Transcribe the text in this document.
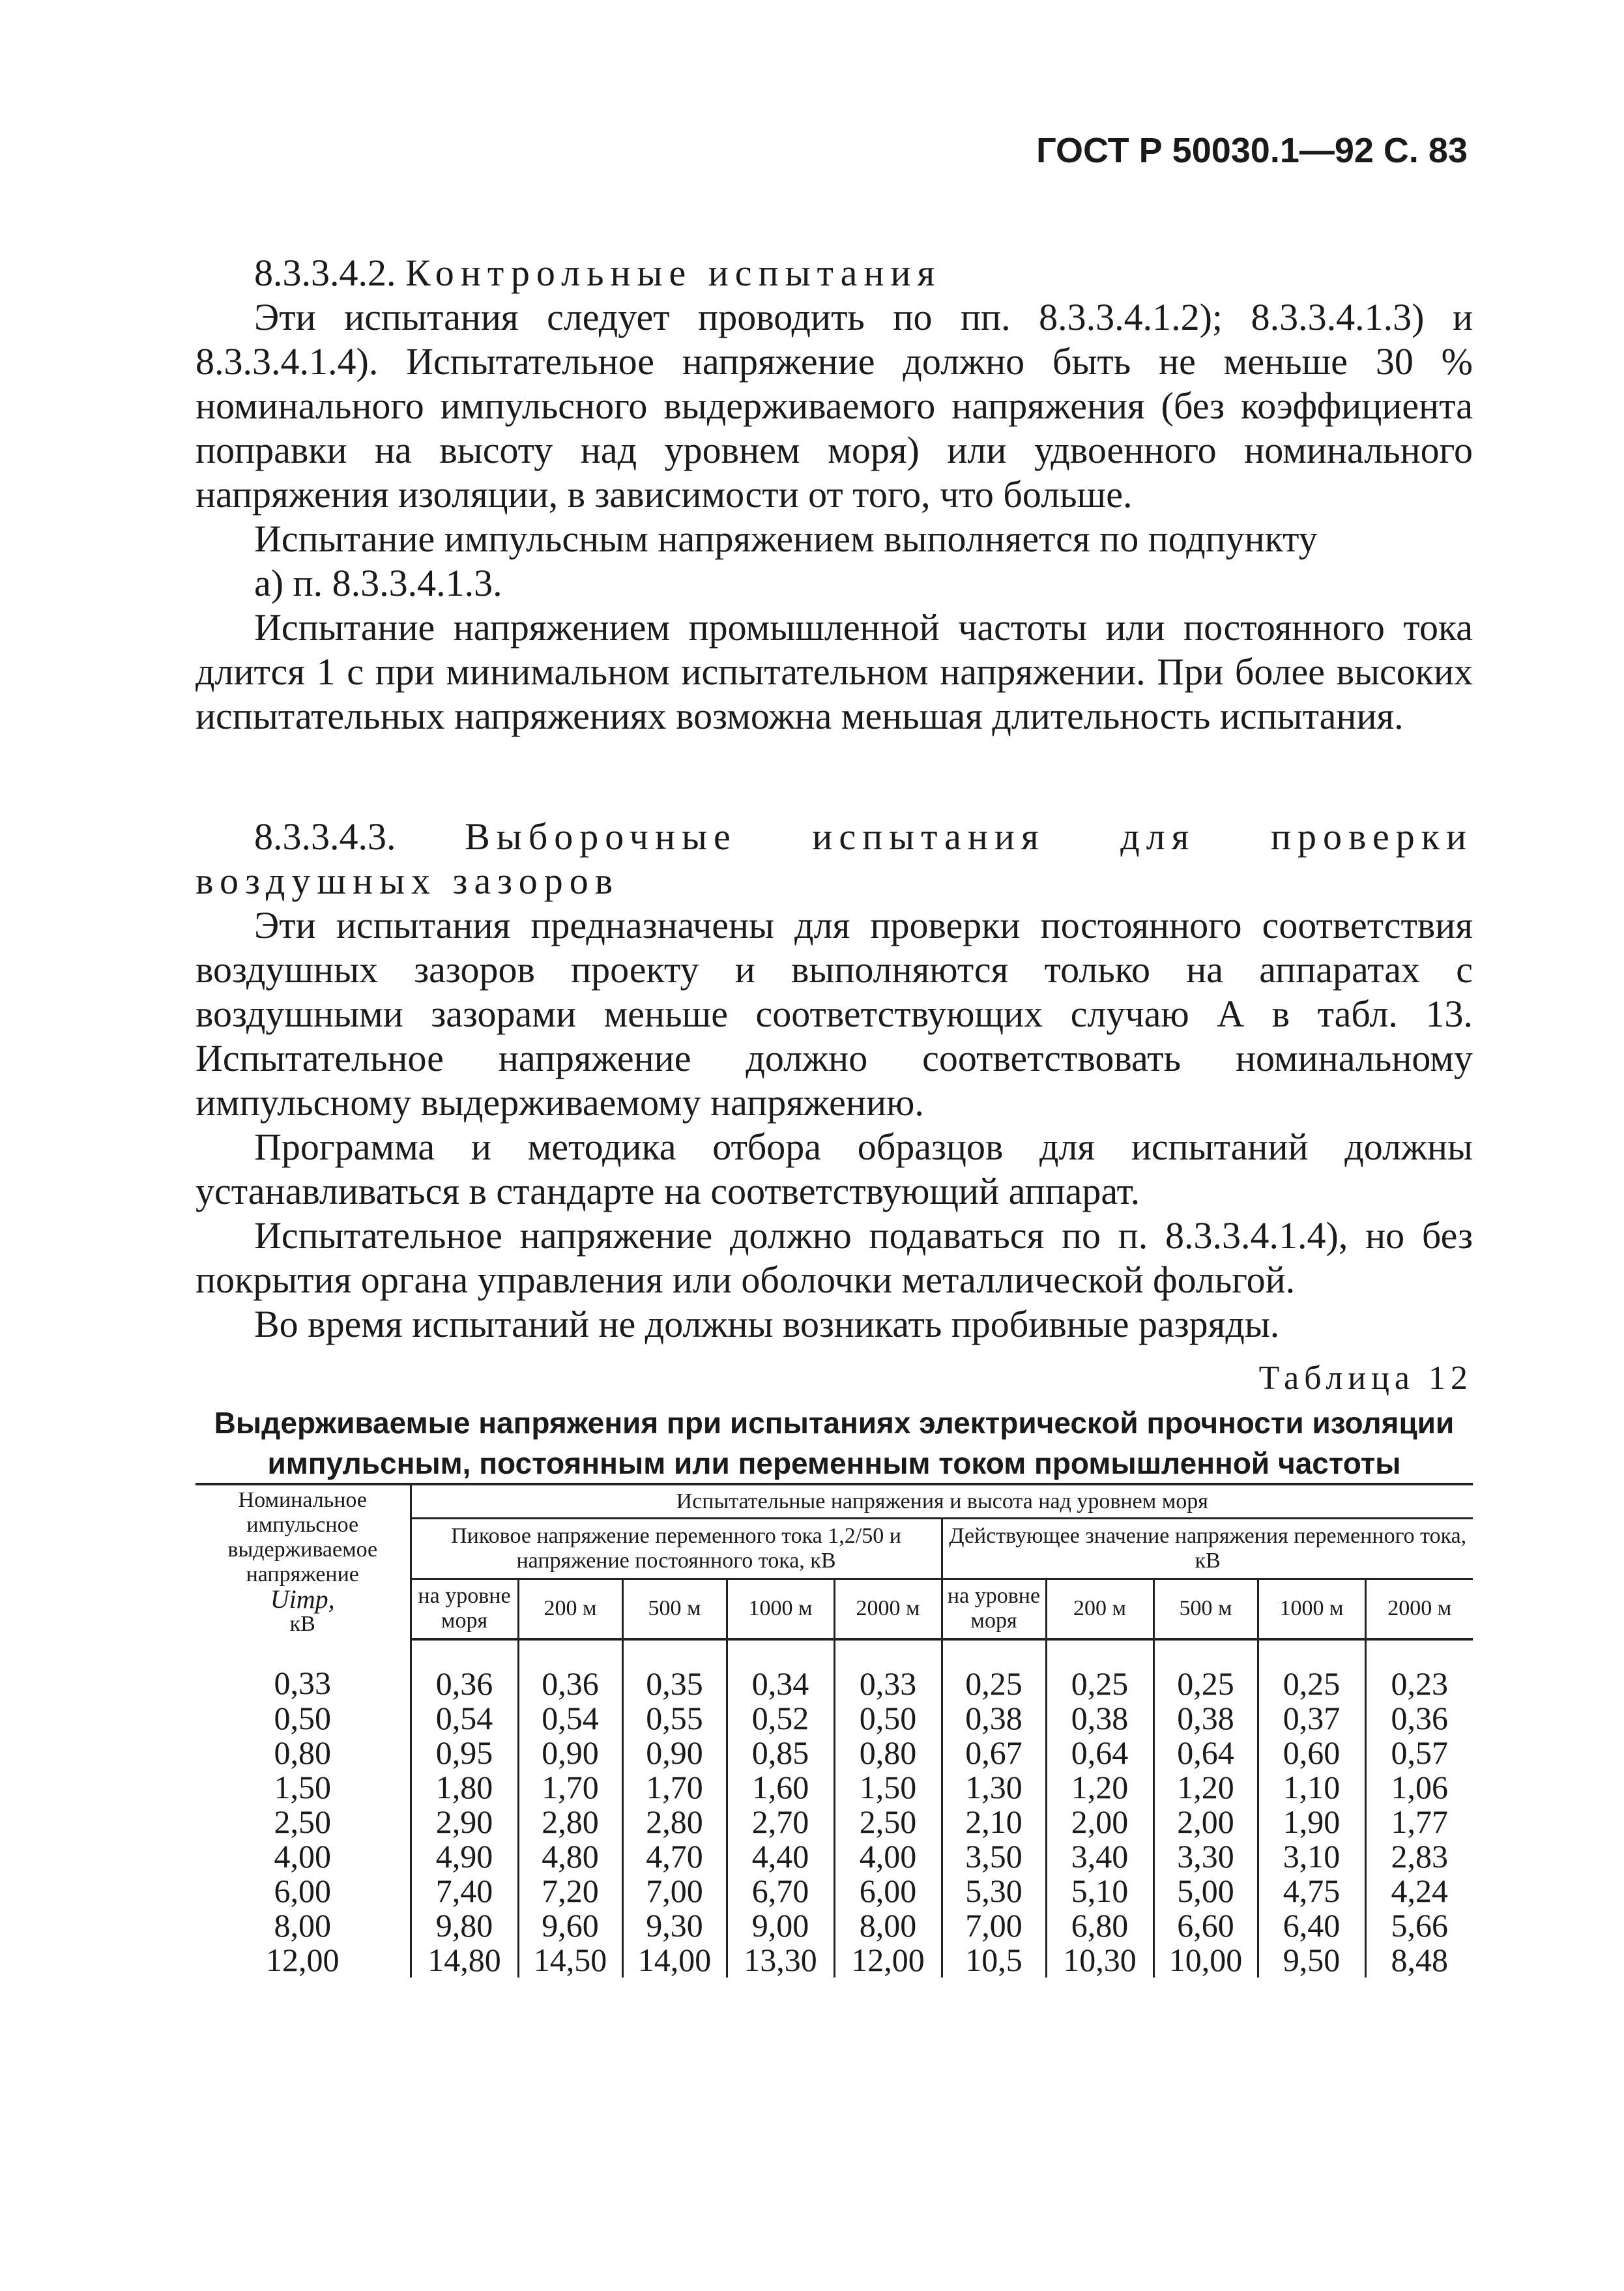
ГОСТ Р 50030.1—92 С. 83

8.3.3.4.2. Контрольные испытания

Эти испытания следует проводить по пп. 8.3.3.4.1.2); 8.3.3.4.1.3) и 8.3.3.4.1.4). Испытательное напряжение должно быть не меньше 30 % номинального импульсного выдерживаемого напряжения (без коэффициента поправки на высоту над уровнем моря) или удвоенного номинального напряжения изоляции, в зависимости от того, что больше.

Испытание импульсным напряжением выполняется по подпункту

а) п. 8.3.3.4.1.3.

Испытание напряжением промышленной частоты или постоянного тока длится 1 с при минимальном испытательном напряжении. При более высоких испытательных напряжениях возможна меньшая длительность испытания.

8.3.3.4.3. Выборочные испытания для проверки воздушных зазоров

Эти испытания предназначены для проверки постоянного соответствия воздушных зазоров проекту и выполняются только на аппаратах с воздушными зазорами меньше соответствующих случаю А в табл. 13. Испытательное напряжение должно соответствовать номинальному импульсному выдерживаемому напряжению.

Программа и методика отбора образцов для испытаний должны устанавливаться в стандарте на соответствующий аппарат.

Испытательное напряжение должно подаваться по п. 8.3.3.4.1.4), но без покрытия органа управления или оболочки металлической фольгой.

Во время испытаний не должны возникать пробивные разряды.

Таблица 12
Выдерживаемые напряжения при испытаниях электрической прочности изоляции импульсным, постоянным или переменным током промышленной частоты
Номинальное импульсное выдерживаемое напряжение
Uimp,
кВ	Испытательные напряжения и высота над уровнем моря									
	Пиковое напряжение переменного тока 1,2/50 и напряжение постоянного тока, кВ					Действующее значение напряжения переменного тока, кВ				
	на уровне моря	200 м	500 м	1000 м	2000 м	на уровне моря	200 м	500 м	1000 м	2000 м
0,33	0,36	0,36	0,35	0,34	0,33	0,25	0,25	0,25	0,25	0,23
0,50	0,54	0,54	0,55	0,52	0,50	0,38	0,38	0,38	0,37	0,36
0,80	0,95	0,90	0,90	0,85	0,80	0,67	0,64	0,64	0,60	0,57
1,50	1,80	1,70	1,70	1,60	1,50	1,30	1,20	1,20	1,10	1,06
2,50	2,90	2,80	2,80	2,70	2,50	2,10	2,00	2,00	1,90	1,77
4,00	4,90	4,80	4,70	4,40	4,00	3,50	3,40	3,30	3,10	2,83
6,00	7,40	7,20	7,00	6,70	6,00	5,30	5,10	5,00	4,75	4,24
8,00	9,80	9,60	9,30	9,00	8,00	7,00	6,80	6,60	6,40	5,66
12,00	14,80	14,50	14,00	13,30	12,00	10,5	10,30	10,00	9,50	8,48
